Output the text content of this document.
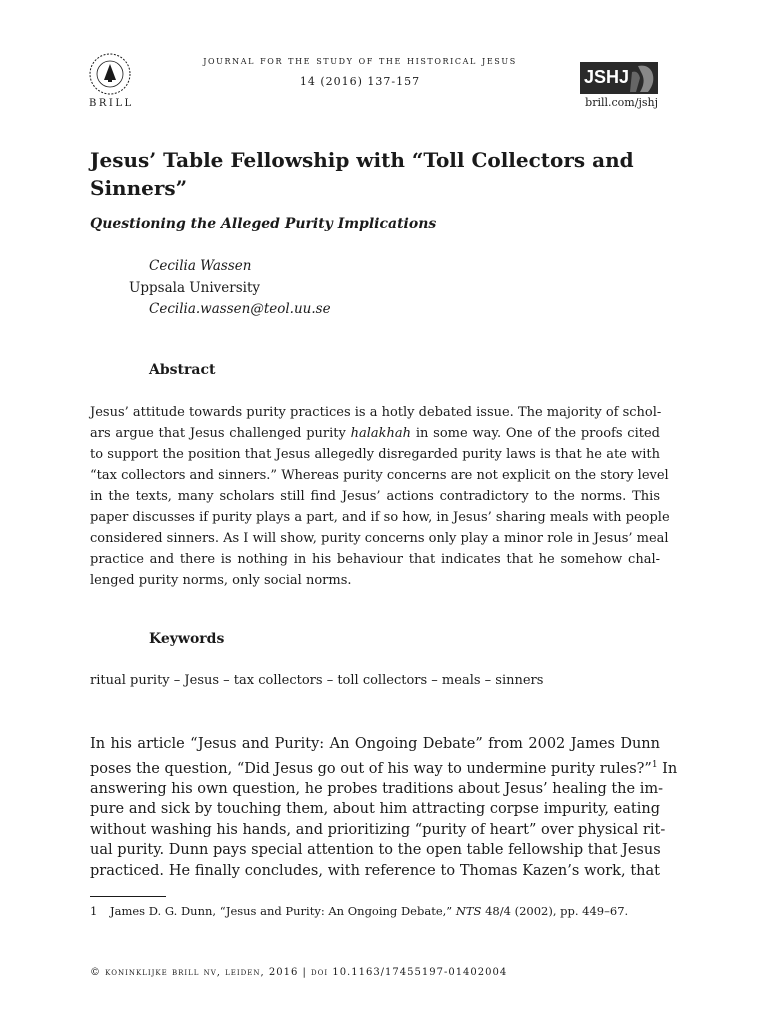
BRILL
journal for the study of the historical jesus
14 (2016) 137-157	JSHJ
brill.com/jshj
Jesus’ Table Fellowship with “Toll Collectors and
Sinners”
Questioning the Alleged Purity Implications
Cecilia Wassen
Uppsala University
Cecilia.wassen@teol.uu.se
Abstract
Jesus’ attitude towards purity practices is a hotly debated issue. The majority of schol-
ars argue that Jesus challenged purity halakhah in some way. One of the proofs cited
to support the position that Jesus allegedly disregarded purity laws is that he ate with
“tax collectors and sinners.” Whereas purity concerns are not explicit on the story level
in the texts, many scholars still find Jesus’ actions contradictory to the norms. This
paper discusses if purity plays a part, and if so how, in Jesus’ sharing meals with people
considered sinners. As I will show, purity concerns only play a minor role in Jesus’ meal
practice and there is nothing in his behaviour that indicates that he somehow chal-
lenged purity norms, only social norms.
Keywords
ritual purity – Jesus – tax collectors – toll collectors – meals – sinners
In his article “Jesus and Purity: An Ongoing Debate” from 2002 James Dunn
poses the question, “Did Jesus go out of his way to undermine purity rules?”$^1$ In
answering his own question, he probes traditions about Jesus’ healing the im-
pure and sick by touching them, about him attracting corpse impurity, eating
without washing his hands, and prioritizing “purity of heart” over physical rit-
ual purity. Dunn pays special attention to the open table fellowship that Jesus
practiced. He finally concludes, with reference to Thomas Kazen’s work, that
1 James D. G. Dunn, “Jesus and Purity: An Ongoing Debate,” NTS 48/4 (2002), pp. 449–67.
© koninklijke brill nv, leiden, 2016 | doi 10.1163/17455197-01402004
